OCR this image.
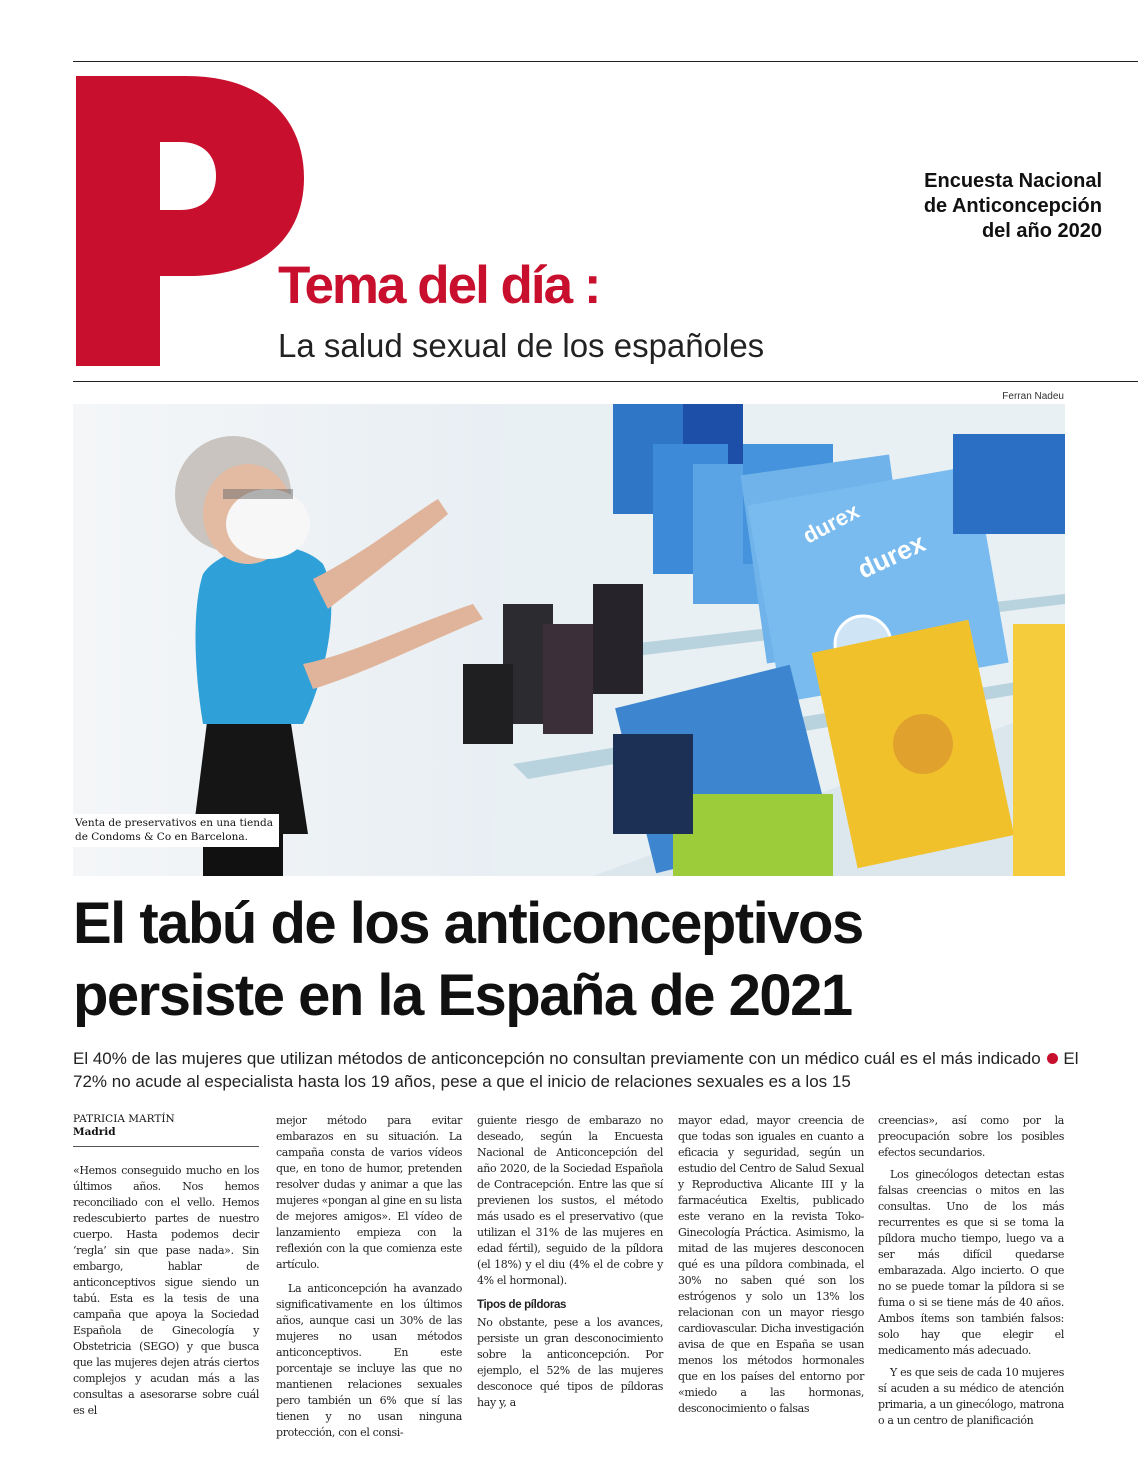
Encuesta Nacional
de Anticoncepción
del año 2020
Tema del día :
La salud sexual de los españoles
Ferran Nadeu
durex
durex
Venta de preservativos en una tienda de Condoms & Co en Barcelona.
El tabú de los anticonceptivos
persiste en la España de 2021
El 40% de las mujeres que utilizan métodos de anticoncepción no consultan previamente con un médico cuál es el más indicado El 72% no acude al especialista hasta los 19 años, pese a que el inicio de relaciones sexuales es a los 15
PATRICIA MARTÍN
Madrid

«Hemos conseguido mucho en los últimos años. Nos hemos reconciliado con el vello. Hemos redescubierto partes de nuestro cuerpo. Hasta podemos decir ‘regla’ sin que pase nada». Sin embargo, hablar de anticonceptivos sigue siendo un tabú. Esta es la tesis de una campaña que apoya la Sociedad Española de Ginecología y Obstetricia (SEGO) y que busca que las mujeres dejen atrás ciertos complejos y acudan más a las consultas a asesorarse sobre cuál es el

mejor método para evitar embarazos en su situación. La campaña consta de varios vídeos que, en tono de humor, pretenden resolver dudas y animar a que las mujeres «pongan al gine en su lista de mejores amigos». El vídeo de lanzamiento empieza con la reflexión con la que comienza este artículo.

La anticoncepción ha avanzado significativamente en los últimos años, aunque casi un 30% de las mujeres no usan métodos anticonceptivos. En este porcentaje se incluye las que no mantienen relaciones sexuales pero también un 6% que sí las tienen y no usan ninguna protección, con el consi-

guiente riesgo de embarazo no deseado, según la Encuesta Nacional de Anticoncepción del año 2020, de la Sociedad Española de Contracepción. Entre las que sí previenen los sustos, el método más usado es el preservativo (que utilizan el 31% de las mujeres en edad fértil), seguido de la píldora (el 18%) y el diu (4% el de cobre y 4% el hormonal).

Tipos de píldoras

No obstante, pese a los avances, persiste un gran desconocimiento sobre la anticoncepción. Por ejemplo, el 52% de las mujeres desconoce qué tipos de píldoras hay y, a

mayor edad, mayor creencia de que todas son iguales en cuanto a eficacia y seguridad, según un estudio del Centro de Salud Sexual y Reproductiva Alicante III y la farmacéutica Exeltis, publicado este verano en la revista Toko-Ginecología Práctica. Asimismo, la mitad de las mujeres desconocen qué es una píldora combinada, el 30% no saben qué son los estrógenos y solo un 13% los relacionan con un mayor riesgo cardiovascular. Dicha investigación avisa de que en España se usan menos los métodos hormonales que en los países del entorno por «miedo a las hormonas, desconocimiento o falsas

creencias», así como por la preocupación sobre los posibles efectos secundarios.

Los ginecólogos detectan estas falsas creencias o mitos en las consultas. Uno de los más recurrentes es que si se toma la píldora mucho tiempo, luego va a ser más difícil quedarse embarazada. Algo incierto. O que no se puede tomar la píldora si se fuma o si se tiene más de 40 años. Ambos ítems son también falsos: solo hay que elegir el medicamento más adecuado.

Y es que seis de cada 10 mujeres sí acuden a su médico de atención primaria, a un ginecólogo, matrona o a un centro de planificación
